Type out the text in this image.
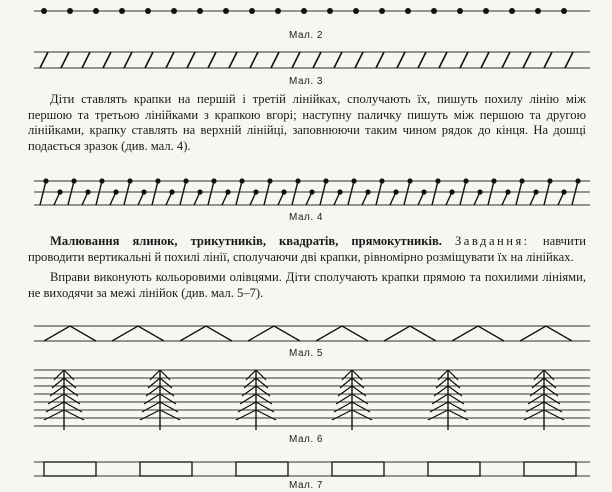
Мал. 2
Мал. 3

Діти ставлять крапки на першій і третій лінійках, сполучають їх, пишуть похилу лінію між першою та третьою лінійками з крапкою вгорі; наступну паличку пишуть між першою та другою лінійками, крапку ставлять на верхній лінійці, заповнюючи таким чином рядок до кінця. На дошці подається зразок (див. мал. 4).

Мал. 4

Малювання ялинок, трикутників, квадратів, прямокутників. Завдання: навчити проводити вертикальні й похилі лінії, сполучаючи дві крапки, рівномірно розміщувати їх на лінійках.

Вправи виконують кольоровими олівцями. Діти сполучають крапки прямою та похилими лініями, не виходячи за межі лінійок (див. мал. 5–7).

Мал. 5
Мал. 6
Мал. 7
